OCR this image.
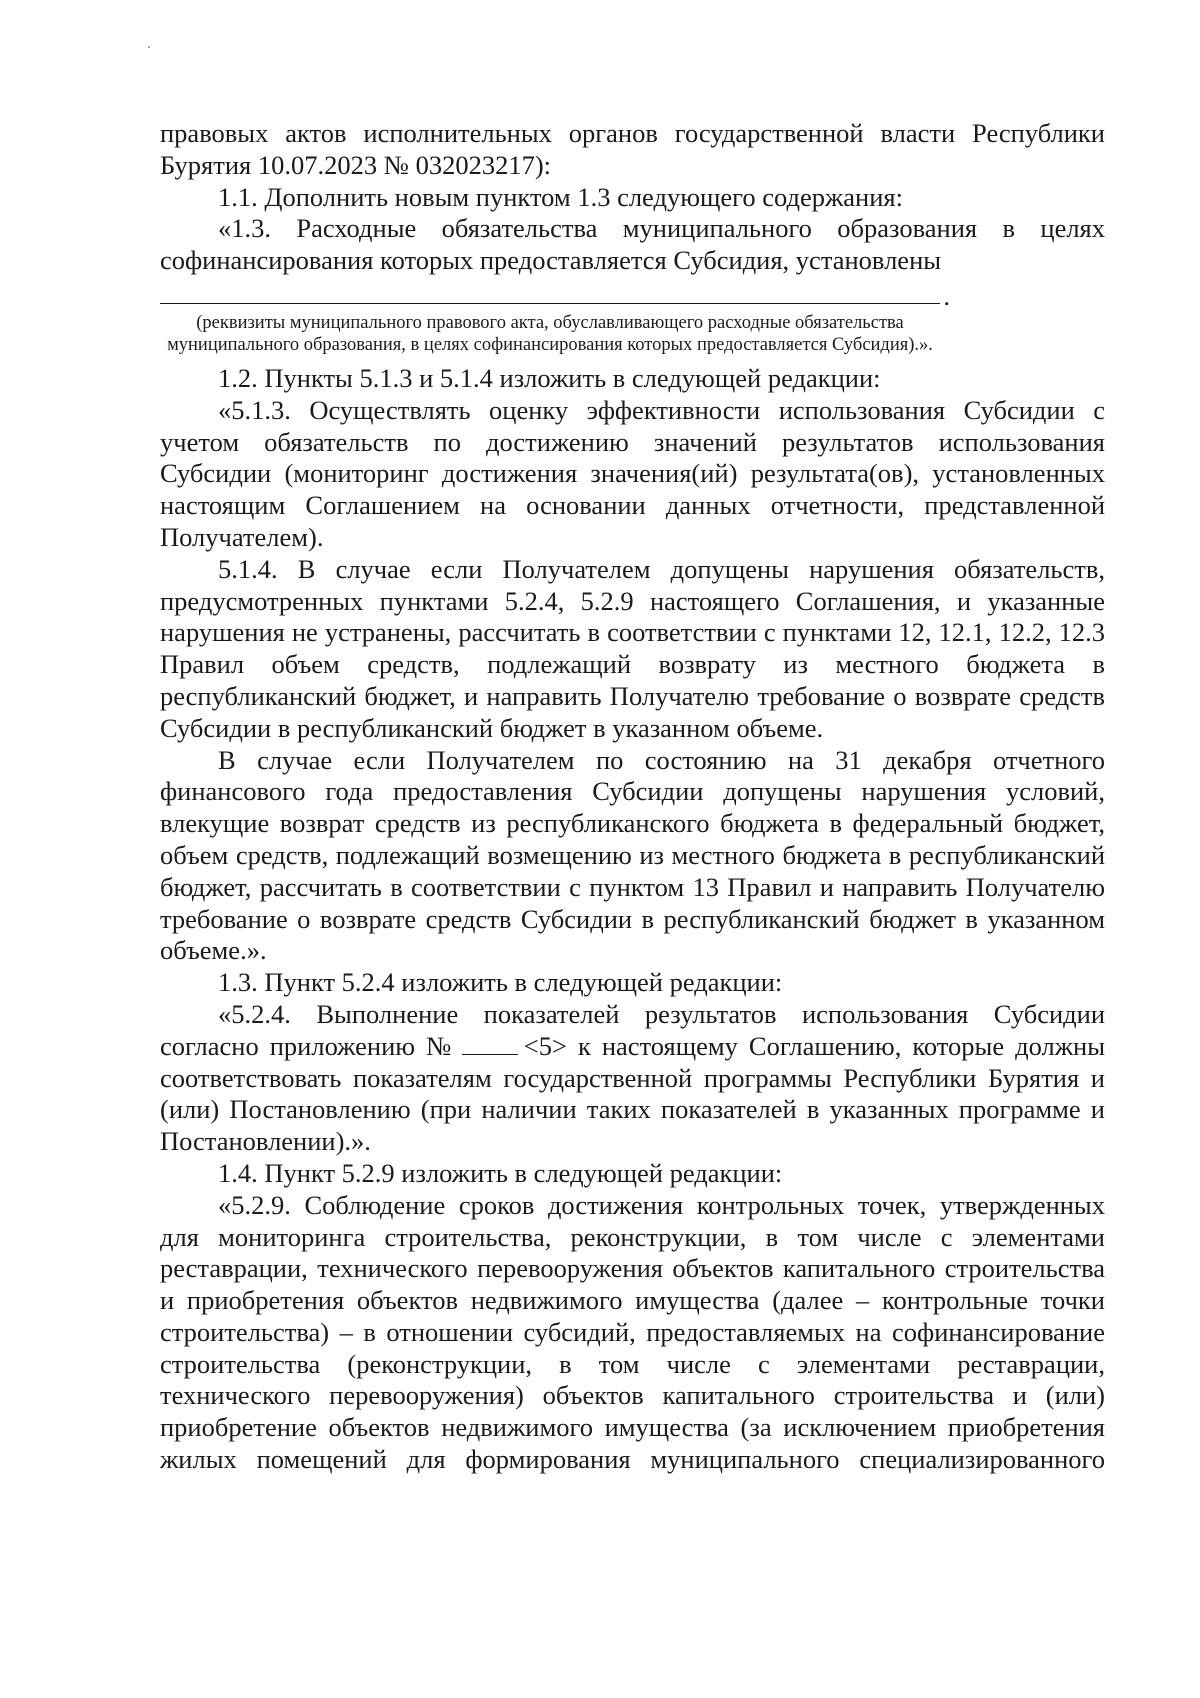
правовых актов исполнительных органов государственной власти Республики Бурятия 10.07.2023 № 032023217):

1.1. Дополнить новым пунктом 1.3 следующего содержания:

«1.3. Расходные обязательства муниципального образования в целях софинансирования которых предоставляется Субсидия, установлены

.

(реквизиты муниципального правового акта, обуславливающего расходные обязательства муниципального образования, в целях софинансирования которых предоставляется Субсидия).».

1.2. Пункты 5.1.3 и 5.1.4 изложить в следующей редакции:

«5.1.3. Осуществлять оценку эффективности использования Субсидии с учетом обязательств по достижению значений результатов использования Субсидии (мониторинг достижения значения(ий) результата(ов), установленных настоящим Соглашением на основании данных отчетности, представленной Получателем).

5.1.4. В случае если Получателем допущены нарушения обязательств, предусмотренных пунктами 5.2.4, 5.2.9 настоящего Соглашения, и указанные нарушения не устранены, рассчитать в соответствии с пунктами 12, 12.1, 12.2, 12.3 Правил объем средств, подлежащий возврату из местного бюджета в республиканский бюджет, и направить Получателю требование о возврате средств Субсидии в республиканский бюджет в указанном объеме.

В случае если Получателем по состоянию на 31 декабря отчетного финансового года предоставления Субсидии допущены нарушения условий, влекущие возврат средств из республиканского бюджета в федеральный бюджет, объем средств, подлежащий возмещению из местного бюджета в республиканский бюджет, рассчитать в соответствии с пунктом 13 Правил и направить Получателю требование о возврате средств Субсидии в республиканский бюджет в указанном объеме.».

1.3. Пункт 5.2.4 изложить в следующей редакции:

«5.2.4. Выполнение показателей результатов использования Субсидии согласно приложению №	<5> к настоящему Соглашению, которые должны соответствовать показателям государственной программы Республики Бурятия и (или) Постановлению (при наличии таких показателей в указанных программе и Постановлении).».

1.4. Пункт 5.2.9 изложить в следующей редакции:

«5.2.9. Соблюдение сроков достижения контрольных точек, утвержденных для мониторинга строительства, реконструкции, в том числе с элементами реставрации, технического перевооружения объектов капитального строительства и приобретения объектов недвижимого имущества (далее – контрольные точки строительства) – в отношении субсидий, предоставляемых на софинансирование строительства (реконструкции, в том числе с элементами реставрации, технического перевооружения) объектов капитального строительства и (или) приобретение объектов недвижимого имущества (за исключением приобретения жилых помещений для формирования муниципального специализированного
